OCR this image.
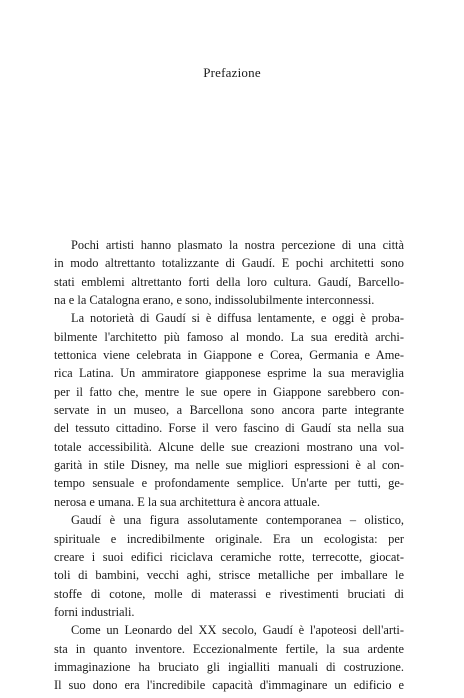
Prefazione
Pochi artisti hanno plasmato la nostra percezione di una città
in modo altrettanto totalizzante di Gaudí. E pochi architetti sono
stati emblemi altrettanto forti della loro cultura. Gaudí, Barcello-
na e la Catalogna erano, e sono, indissolubilmente interconnessi.
La notorietà di Gaudí si è diffusa lentamente, e oggi è proba-
bilmente l'architetto più famoso al mondo. La sua eredità archi-
tettonica viene celebrata in Giappone e Corea, Germania e Ame-
rica Latina. Un ammiratore giapponese esprime la sua meraviglia
per il fatto che, mentre le sue opere in Giappone sarebbero con-
servate in un museo, a Barcellona sono ancora parte integrante
del tessuto cittadino. Forse il vero fascino di Gaudí sta nella sua
totale accessibilità. Alcune delle sue creazioni mostrano una vol-
garità in stile Disney, ma nelle sue migliori espressioni è al con-
tempo sensuale e profondamente semplice. Un'arte per tutti, ge-
nerosa e umana. E la sua architettura è ancora attuale.
Gaudí è una figura assolutamente contemporanea – olistico,
spirituale e incredibilmente originale. Era un ecologista: per
creare i suoi edifici riciclava ceramiche rotte, terrecotte, giocat-
toli di bambini, vecchi aghi, strisce metalliche per imballare le
stoffe di cotone, molle di materassi e rivestimenti bruciati di
forni industriali.
Come un Leonardo del XX secolo, Gaudí è l'apoteosi dell'arti-
sta in quanto inventore. Eccezionalmente fertile, la sua ardente
immaginazione ha bruciato gli ingialliti manuali di costruzione.
Il suo dono era l'incredibile capacità d'immaginare un edificio e
